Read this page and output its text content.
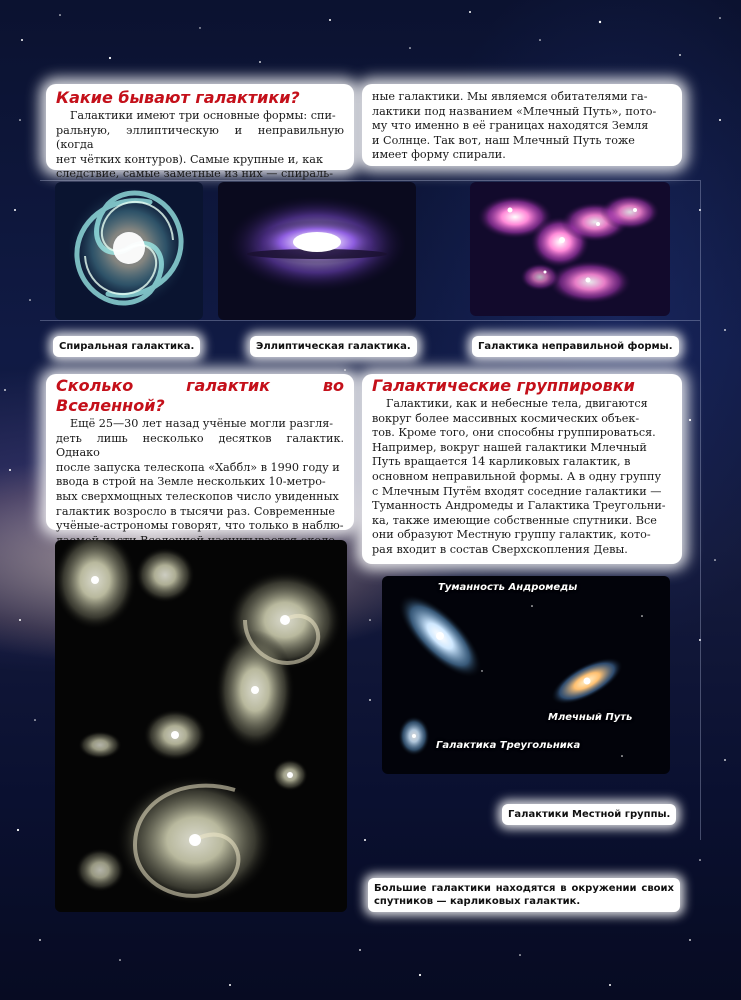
Какие бывают галактики?

Галактики имеют три основные формы: спи-

ральную, эллиптическую и неправильную (когда

нет чётких контуров). Самые крупные и, как

следствие, самые заметные из них — спираль-

ные галактики. Мы являемся обитателями га-

лактики под названием «Млечный Путь», пото-

му что именно в её границах находятся Земля

и Солнце. Так вот, наш Млечный Путь тоже

имеет форму спирали.

Спиральная галактика.	Эллиптическая галактика.	Галактика неправильной формы.
Сколько галактик во Вселенной?

Ещё 25—30 лет назад учёные могли разгля-

деть лишь несколько десятков галактик. Однако

после запуска телескопа «Хаббл» в 1990 году и

ввода в строй на Земле нескольких 10-метро-

вых сверхмощных телескопов число увиденных

галактик возросло в тысячи раз. Современные

учёные-астрономы говорят, что только в наблю-

Галактические группировки

Галактики, как и небесные тела, двигаются

вокруг более массивных космических объек-

тов. Кроме того, они способны группироваться.

Например, вокруг нашей галактики Млечный

Путь вращается 14 карликовых галактик, в

основном неправильной формы. А в одну группу

с Млечным Путём входят соседние галактики —

Туманность Андромеды и Галактика Треугольни-

ка, также имеющие собственные спутники. Все

они образуют Местную группу галактик, кото-

рая входит в состав Сверхскопления Девы.

Туманность Андромеды
Млечный Путь
Галактика Треугольника
Галактики Местной группы.
Большие галактики находятся в окружении своих спутников — карликовых галактик.
